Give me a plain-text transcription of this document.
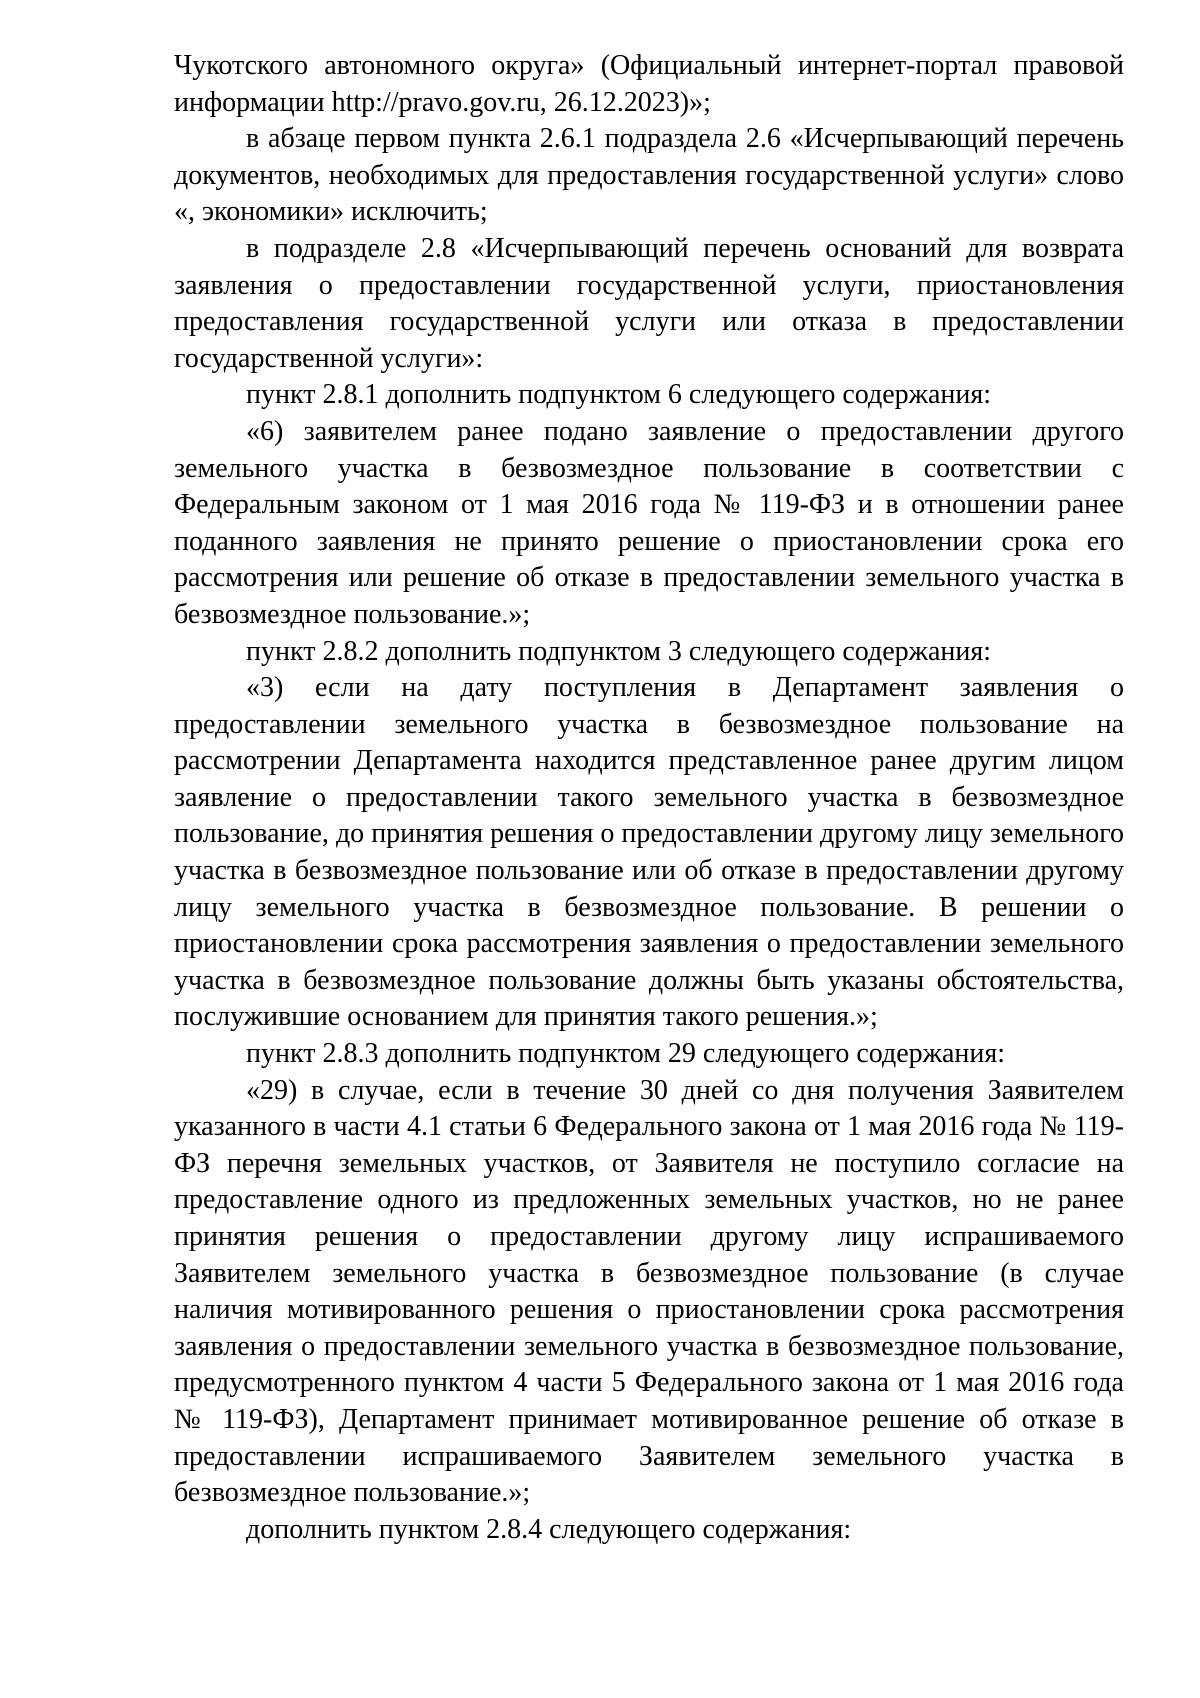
Чукотского автономного округа» (Официальный интернет-портал правовой информации http://pravo.gov.ru, 26.12.2023)»;

в абзаце первом пункта 2.6.1 подраздела 2.6 «Исчерпывающий перечень документов, необходимых для предоставления государственной услуги» слово «, экономики» исключить;

в подразделе 2.8 «Исчерпывающий перечень оснований для возврата заявления о предоставлении государственной услуги, приостановления предоставления государственной услуги или отказа в предоставлении государственной услуги»:

пункт 2.8.1 дополнить подпунктом 6 следующего содержания:

«6) заявителем ранее подано заявление о предоставлении другого земельного участка в безвозмездное пользование в соответствии с Федеральным законом от 1 мая 2016 года № 119-ФЗ и в отношении ранее поданного заявления не принято решение о приостановлении срока его рассмотрения или решение об отказе в предоставлении земельного участка в безвозмездное пользование.»;

пункт 2.8.2 дополнить подпунктом 3 следующего содержания:

«3) если на дату поступления в Департамент заявления о предоставлении земельного участка в безвозмездное пользование на рассмотрении Департамента находится представленное ранее другим лицом заявление о предоставлении такого земельного участка в безвозмездное пользование, до принятия решения о предоставлении другому лицу земельного участка в безвозмездное пользование или об отказе в предоставлении другому лицу земельного участка в безвозмездное пользование. В решении о приостановлении срока рассмотрения заявления о предоставлении земельного участка в безвозмездное пользование должны быть указаны обстоятельства, послужившие основанием для принятия такого решения.»;

пункт 2.8.3 дополнить подпунктом 29 следующего содержания:

«29) в случае, если в течение 30 дней со дня получения Заявителем указанного в части 4.1 статьи 6 Федерального закона от 1 мая 2016 года № 119-ФЗ перечня земельных участков, от Заявителя не поступило согласие на предоставление одного из предложенных земельных участков, но не ранее принятия решения о предоставлении другому лицу испрашиваемого Заявителем земельного участка в безвозмездное пользование (в случае наличия мотивированного решения о приостановлении срока рассмотрения заявления о предоставлении земельного участка в безвозмездное пользование, предусмотренного пунктом 4 части 5 Федерального закона от 1 мая 2016 года № 119-ФЗ), Департамент принимает мотивированное решение об отказе в предоставлении испрашиваемого Заявителем земельного участка в безвозмездное пользование.»;

дополнить пунктом 2.8.4 следующего содержания:
